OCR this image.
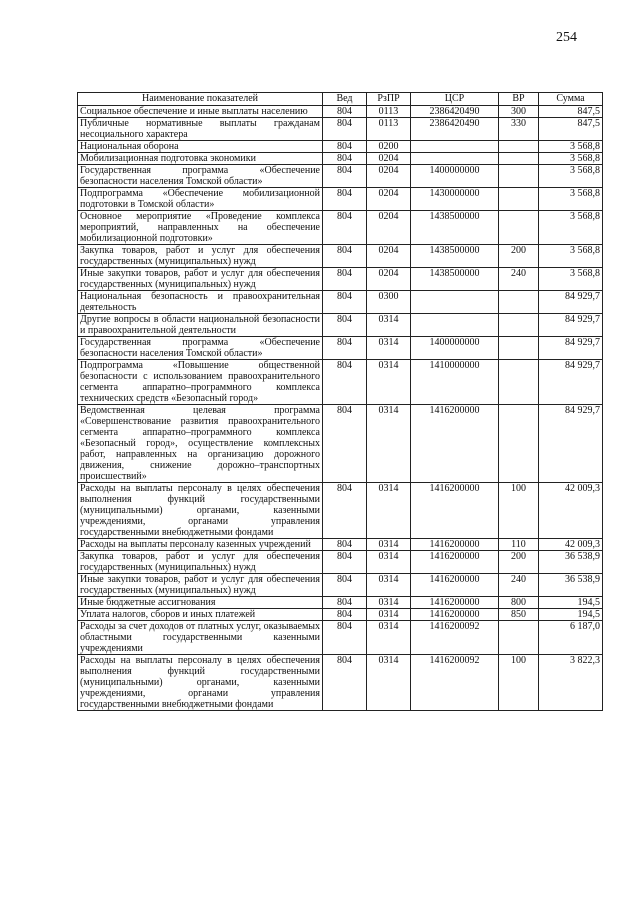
254
Наименование показателей	Вед	РзПР	ЦСР	ВР	Сумма
Социальное обеспечение и иные выплаты населению	804	0113	2386420490	300	847,5
Публичные нормативные выплаты гражданам несоциального характера	804	0113	2386420490	330	847,5
Национальная оборона	804	0200			3 568,8
Мобилизационная подготовка экономики	804	0204			3 568,8
Государственная программа «Обеспечение безопасности населения Томской области»	804	0204	1400000000		3 568,8
Подпрограмма «Обеспечение мобилизационной подготовки в Томской области»	804	0204	1430000000		3 568,8
Основное мероприятие «Проведение комплекса мероприятий, направленных на обеспечение мобилизационной подготовки»	804	0204	1438500000		3 568,8
Закупка товаров, работ и услуг для обеспечения государственных (муниципальных) нужд	804	0204	1438500000	200	3 568,8
Иные закупки товаров, работ и услуг для обеспечения государственных (муниципальных) нужд	804	0204	1438500000	240	3 568,8
Национальная безопасность и правоохранительная деятельность	804	0300			84 929,7
Другие вопросы в области национальной безопасности и правоохранительной деятельности	804	0314			84 929,7
Государственная программа «Обеспечение безопасности населения Томской области»	804	0314	1400000000		84 929,7
Подпрограмма «Повышение общественной безопасности с использованием правоохранительного сегмента аппаратно–программного комплекса технических средств «Безопасный город»	804	0314	1410000000		84 929,7
Ведомственная целевая программа «Совершенствование развития правоохранительного сегмента аппаратно–программного комплекса «Безопасный город», осуществление комплексных работ, направленных на организацию дорожного движения, снижение дорожно–транспортных происшествий»	804	0314	1416200000		84 929,7
Расходы на выплаты персоналу в целях обеспечения выполнения функций государственными (муниципальными) органами, казенными учреждениями, органами управления государственными внебюджетными фондами	804	0314	1416200000	100	42 009,3
Расходы на выплаты персоналу казенных учреждений	804	0314	1416200000	110	42 009,3
Закупка товаров, работ и услуг для обеспечения государственных (муниципальных) нужд	804	0314	1416200000	200	36 538,9
Иные закупки товаров, работ и услуг для обеспечения государственных (муниципальных) нужд	804	0314	1416200000	240	36 538,9
Иные бюджетные ассигнования	804	0314	1416200000	800	194,5
Уплата налогов, сборов и иных платежей	804	0314	1416200000	850	194,5
Расходы за счет доходов от платных услуг, оказываемых областными государственными казенными учреждениями	804	0314	1416200092		6 187,0
Расходы на выплаты персоналу в целях обеспечения выполнения функций государственными (муниципальными) органами, казенными учреждениями, органами управления государственными внебюджетными фондами	804	0314	1416200092	100	3 822,3
